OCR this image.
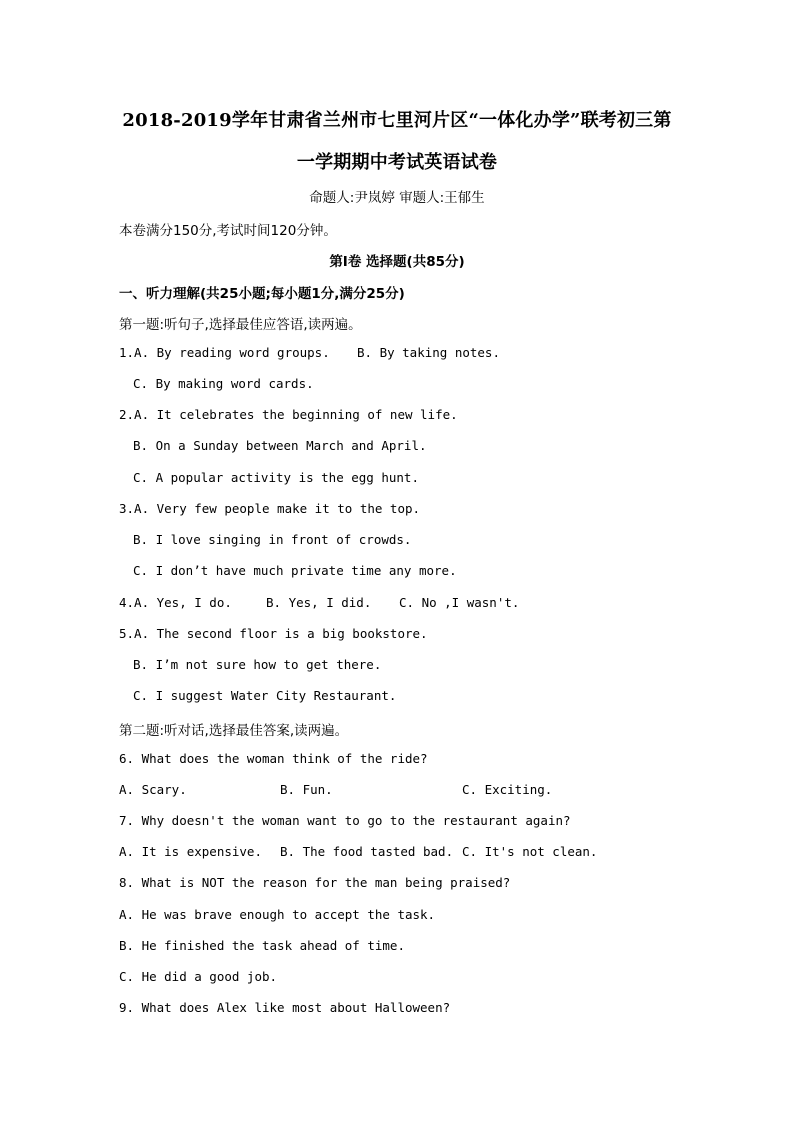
2018-2019学年甘肃省兰州市七里河片区“一体化办学”联考初三第
一学期期中考试英语试卷
命题人:尹岚婷 审题人:王郁生
本卷满分150分,考试时间120分钟。
第Ⅰ卷 选择题(共85分)
一、听力理解(共25小题;每小题1分,满分25分)
第一题:听句子,选择最佳应答语,读两遍。
1.A. By reading word groups. B. By taking notes.
C. By making word cards.
2.A. It celebrates the beginning of new life.
B. On a Sunday between March and April.
C. A popular activity is the egg hunt.
3.A. Very few people make it to the top.
B. I love singing in front of crowds.
C. I don’t have much private time any more.
4.A. Yes, I do.	B. Yes, I did. C. No ,I wasn't.
5.A. The second floor is a big bookstore.
B. I’m not sure how to get there.
C. I suggest Water City Restaurant.
第二题:听对话,选择最佳答案,读两遍。
6. What does the woman think of the ride?
A. Scary.	B. Fun.	C. Exciting.
7. Why doesn't the woman want to go to the restaurant again?
A. It is expensive. B. The food tasted bad. C. It's not clean.
8. What is NOT the reason for the man being praised?
A. He was brave enough to accept the task.
B. He finished the task ahead of time.
C. He did a good job.
9. What does Alex like most about Halloween?
